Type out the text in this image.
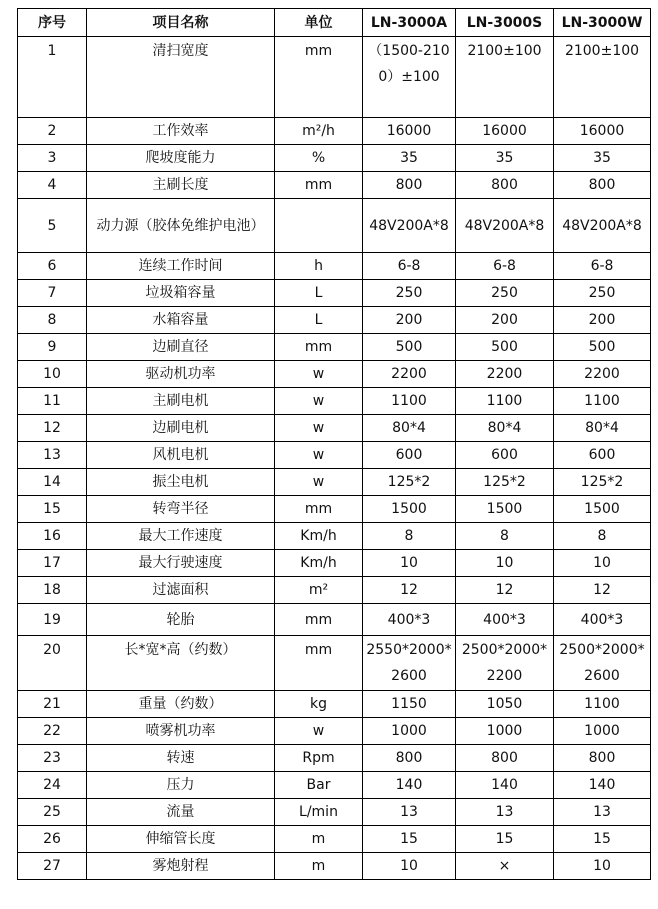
序号	项目名称	单位	LN-3000A	LN-3000S	LN-3000W
1	清扫宽度	mm	（1500-2100）±100	2100±100	2100±100
2	工作效率	m²/h	16000	16000	16000
3	爬坡度能力	%	35	35	35
4	主刷长度	mm	800	800	800
5	动力源（胶体免维护电池）		48V200A*8	48V200A*8	48V200A*8
6	连续工作时间	h	6-8	6-8	6-8
7	垃圾箱容量	L	250	250	250
8	水箱容量	L	200	200	200
9	边刷直径	mm	500	500	500
10	驱动机功率	w	2200	2200	2200
11	主刷电机	w	1100	1100	1100
12	边刷电机	w	80*4	80*4	80*4
13	风机电机	w	600	600	600
14	振尘电机	w	125*2	125*2	125*2
15	转弯半径	mm	1500	1500	1500
16	最大工作速度	Km/h	8	8	8
17	最大行驶速度	Km/h	10	10	10
18	过滤面积	m²	12	12	12
19	轮胎	mm	400*3	400*3	400*3
20	长*宽*高（约数）	mm	2550*2000*2600	2500*2000*2200	2500*2000*2600
21	重量（约数）	kg	1150	1050	1100
22	喷雾机功率	w	1000	1000	1000
23	转速	Rpm	800	800	800
24	压力	Bar	140	140	140
25	流量	L/min	13	13	13
26	伸缩管长度	m	15	15	15
27	雾炮射程	m	10	×	10
